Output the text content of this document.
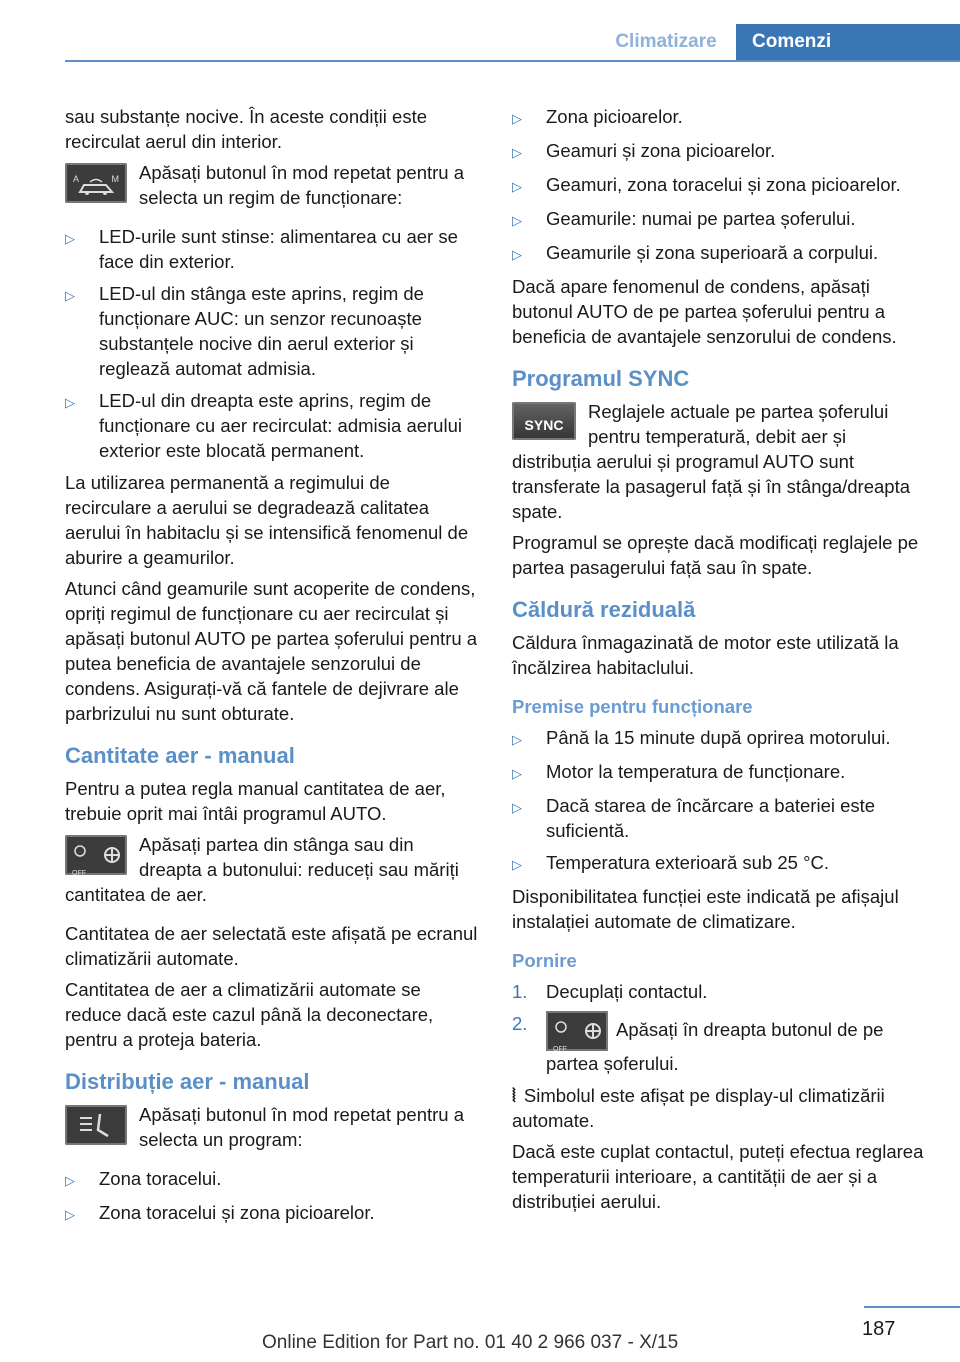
Climatizare	Comenzi

sau substanțe nocive. În aceste condiții este recirculat aerul din interior.

A	M Apăsați butonul în mod repetat pentru a selecta un regim de funcționare:
▷	LED-urile sunt stinse: alimentarea cu aer se face din exterior.
▷	LED-ul din stânga este aprins, regim de funcționare AUC: un senzor recunoaște substanțele nocive din aerul exterior și reglează automat admisia.
▷	LED-ul din dreapta este aprins, regim de funcționare cu aer recirculat: admisia aerului exterior este blocată permanent.

La utilizarea permanentă a regimului de recirculare a aerului se degradează calitatea aerului în habitaclu și se intensifică fenomenul de aburire a geamurilor.

Atunci când geamurile sunt acoperite de condens, opriți regimul de funcționare cu aer recirculat și apăsați butonul AUTO pe partea șoferului pentru a putea beneficia de avantajele senzorului de condens. Asigurați-vă că fantele de dejivrare ale parbrizului nu sunt obturate.

Cantitate aer - manual

Pentru a putea regla manual cantitatea de aer, trebuie oprit mai întâi programul AUTO.

OFF
Apăsați partea din stânga sau din dreapta a butonului: reduceți sau măriți cantitatea de aer.

Cantitatea de aer selectată este afișată pe ecranul climatizării automate.

Cantitatea de aer a climatizării automate se reduce dacă este cazul până la deconectare, pentru a proteja bateria.

Distribuție aer - manual
Apăsați butonul în mod repetat pentru a selecta un program:
▷	Zona toracelui.
▷	Zona toracelui și zona picioarelor.
▷	Zona picioarelor.
▷	Geamuri și zona picioarelor.
▷	Geamuri, zona toracelui și zona picioarelor.
▷	Geamurile: numai pe partea șoferului.
▷	Geamurile și zona superioară a corpului.

Dacă apare fenomenul de condens, apăsați butonul AUTO de pe partea șoferului pentru a beneficia de avantajele senzorului de condens.

Programul SYNC
SYNC
Reglajele actuale pe partea șoferului pentru temperatură, debit aer și distribuția aerului și programul AUTO sunt transferate la pasagerul față și în stânga/dreapta spate.

Programul se oprește dacă modificați reglajele pe partea pasagerului față sau în spate.

Căldură reziduală

Căldura înmagazinată de motor este utilizată la încălzirea habitaclului.

Premise pentru funcționare
▷	Până la 15 minute după oprirea motorului.
▷	Motor la temperatura de funcționare.
▷	Dacă starea de încărcare a bateriei este suficientă.
▷	Temperatura exterioară sub 25 °C.

Disponibilitatea funcției este indicată pe afișajul instalației automate de climatizare.

Pornire
1.	Decuplați contactul.
2.
OFF
Apăsați în dreapta butonul de pe partea șoferului.

⦚ Simbolul este afișat pe display-ul climatizării automate.

Dacă este cuplat contactul, puteți efectua reglarea temperaturii interioare, a cantității de aer și a distribuției aerului.

187
Online Edition for Part no. 01 40 2 966 037 - X/15
